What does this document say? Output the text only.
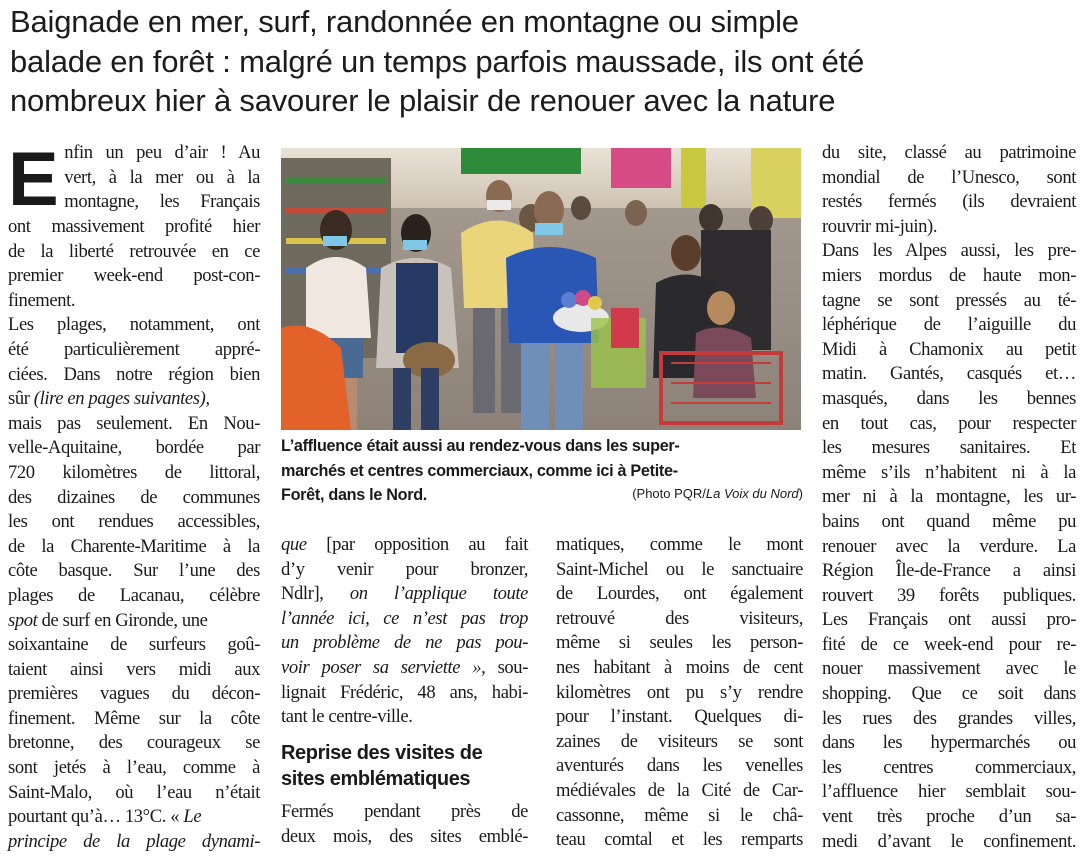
Baignade en mer, surf, randonnée en montagne ou simple
balade en forêt : malgré un temps parfois maussade, ils ont été
nombreux hier à savourer le plaisir de renouer avec la nature
E nfin un peu d’air ! Au
vert, à la mer ou à la
montagne, les Français
ont massivement profité hier
de la liberté retrouvée en ce
premier week-end post-con-
finement.
Les plages, notamment, ont
été particulièrement appré-
ciées. Dans notre région bien
sûr (lire en pages suivantes),
mais pas seulement. En Nou-
velle-Aquitaine, bordée par
720 kilomètres de littoral,
des dizaines de communes
les ont rendues accessibles,
de la Charente-Maritime à la
côte basque. Sur l’une des
plages de Lacanau, célèbre
spot de surf en Gironde, une
soixantaine de surfeurs goû-
taient ainsi vers midi aux
premières vagues du décon-
finement. Même sur la côte
bretonne, des courageux se
sont jetés à l’eau, comme à
Saint-Malo, où l’eau n’était
pourtant qu’à… 13°C. « Le
principe de la plage dynami-
L’affluence était aussi au rendez-vous dans les super-
marchés et centres commerciaux, comme ici à Petite-
Forêt, dans le Nord.	(Photo PQR/La Voix du Nord)
que [par opposition au fait
d’y venir pour bronzer,
Ndlr], on l’applique toute
l’année ici, ce n’est pas trop
un problème de ne pas pou-
voir poser sa serviette », sou-
lignait Frédéric, 48 ans, habi-
tant le centre-ville.
Reprise des visites de
sites emblématiques
Fermés pendant près de
deux mois, des sites emblé-
matiques, comme le mont
Saint-Michel ou le sanctuaire
de Lourdes, ont également
retrouvé des visiteurs,
même si seules les person-
nes habitant à moins de cent
kilomètres ont pu s’y rendre
pour l’instant. Quelques di-
zaines de visiteurs se sont
aventurés dans les venelles
médiévales de la Cité de Car-
cassonne, même si le châ-
teau comtal et les remparts
du site, classé au patrimoine
mondial de l’Unesco, sont
restés fermés (ils devraient
rouvrir mi-juin).
Dans les Alpes aussi, les pre-
miers mordus de haute mon-
tagne se sont pressés au té-
léphérique de l’aiguille du
Midi à Chamonix au petit
matin. Gantés, casqués et…
masqués, dans les bennes
en tout cas, pour respecter
les mesures sanitaires. Et
même s’ils n’habitent ni à la
mer ni à la montagne, les ur-
bains ont quand même pu
renouer avec la verdure. La
Région Île-de-France a ainsi
rouvert 39 forêts publiques.
Les Français ont aussi pro-
fité de ce week-end pour re-
nouer massivement avec le
shopping. Que ce soit dans
les rues des grandes villes,
dans les hypermarchés ou
les centres commerciaux,
l’affluence hier semblait sou-
vent très proche d’un sa-
medi d’avant le confinement.
